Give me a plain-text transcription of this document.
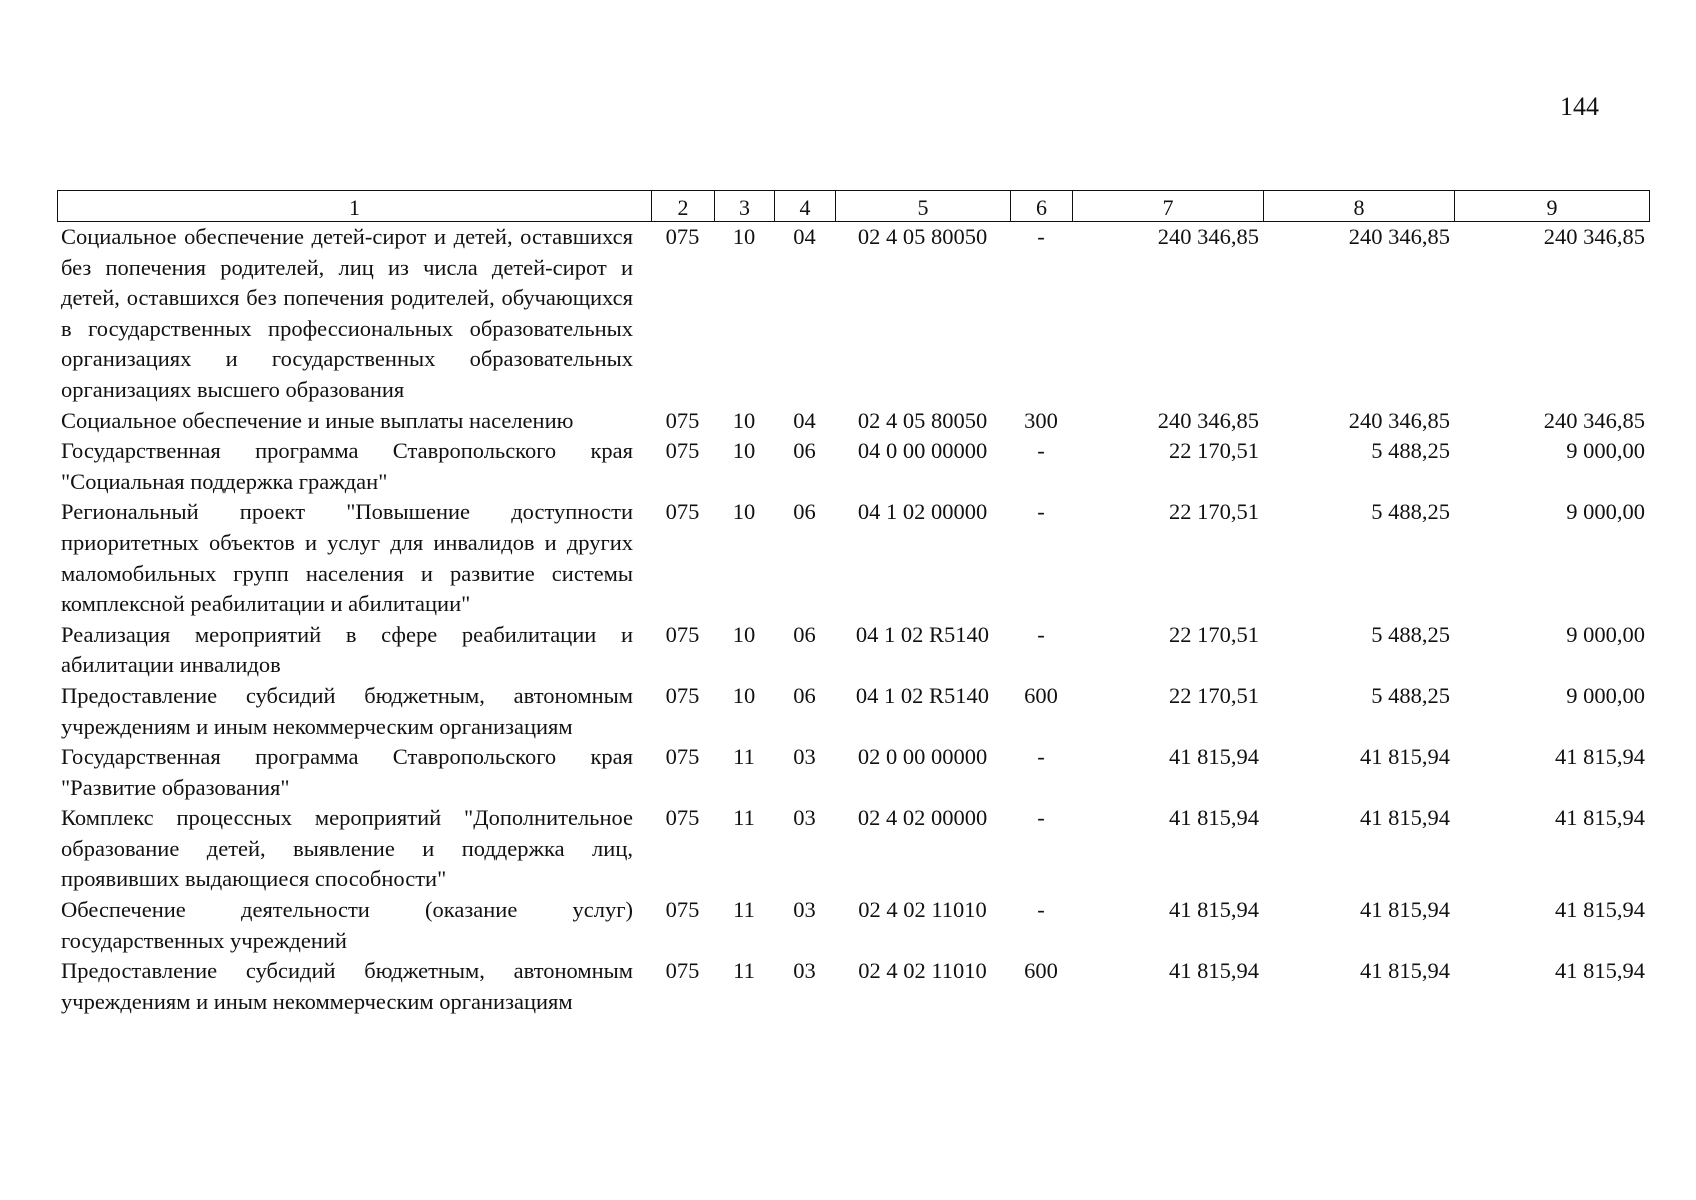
144
1	2	3	4	5	6	7	8	9
Социальное обеспечение детей-сирот и детей, оставшихся без попечения родителей, лиц из числа детей-сирот и детей, оставшихся без попечения родителей, обучающихся в государственных профессиональных образовательных организациях и государственных образовательных организациях высшего образования	075	10	04	02 4 05 80050	-	240 346,85	240 346,85	240 346,85
Социальное обеспечение и иные выплаты населению	075	10	04	02 4 05 80050	300	240 346,85	240 346,85	240 346,85
Государственная программа Ставропольского края "Социальная поддержка граждан"	075	10	06	04 0 00 00000	-	22 170,51	5 488,25	9 000,00
Региональный проект "Повышение доступности приоритетных объектов и услуг для инвалидов и других маломобильных групп населения и развитие системы комплексной реабилитации и абилитации"	075	10	06	04 1 02 00000	-	22 170,51	5 488,25	9 000,00
Реализация мероприятий в сфере реабилитации и абилитации инвалидов	075	10	06	04 1 02 R5140	-	22 170,51	5 488,25	9 000,00
Предоставление субсидий бюджетным, автономным учреждениям и иным некоммерческим организациям	075	10	06	04 1 02 R5140	600	22 170,51	5 488,25	9 000,00
Государственная программа Ставропольского края "Развитие образования"	075	11	03	02 0 00 00000	-	41 815,94	41 815,94	41 815,94
Комплекс процессных мероприятий "Дополнительное образование детей, выявление и поддержка лиц, проявивших выдающиеся способности"	075	11	03	02 4 02 00000	-	41 815,94	41 815,94	41 815,94
Обеспечение деятельности (оказание услуг) государственных учреждений	075	11	03	02 4 02 11010	-	41 815,94	41 815,94	41 815,94
Предоставление субсидий бюджетным, автономным учреждениям и иным некоммерческим организациям	075	11	03	02 4 02 11010	600	41 815,94	41 815,94	41 815,94
